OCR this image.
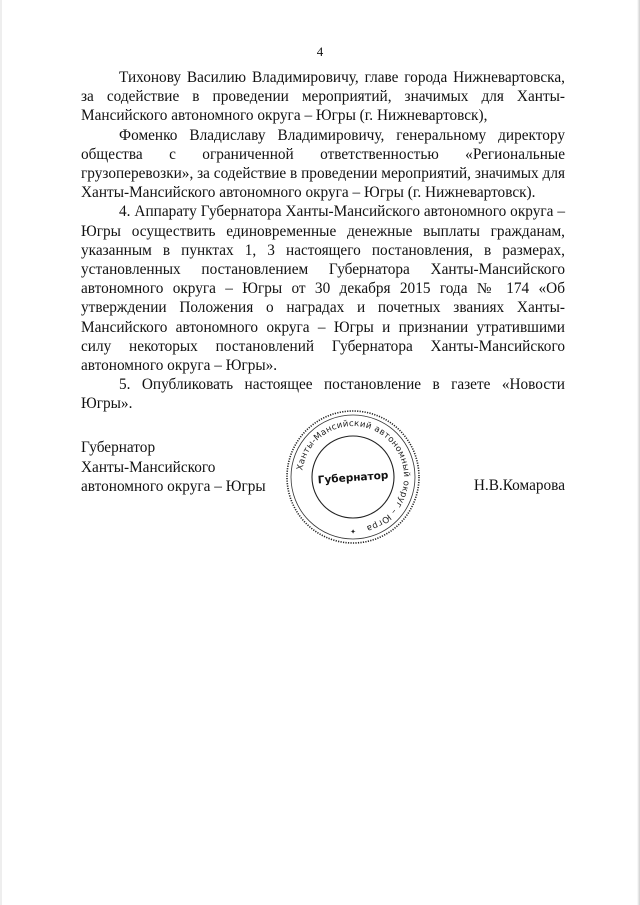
4

Тихонову Василию Владимировичу, главе города Нижневартовска, за содействие в проведении мероприятий, значимых для Ханты-Мансийского автономного округа – Югры (г. Нижневартовск),

Фоменко Владиславу Владимировичу, генеральному директору общества с ограниченной ответственностью «Региональные грузоперевозки», за содействие в проведении мероприятий, значимых для Ханты-Мансийского автономного округа – Югры (г. Нижневартовск).

4. Аппарату Губернатора Ханты-Мансийского автономного округа – Югры осуществить единовременные денежные выплаты гражданам, указанным в пунктах 1, 3 настоящего постановления, в размерах, установленных постановлением Губернатора Ханты-Мансийского автономного округа – Югры от 30 декабря 2015 года № 174 «Об утверждении Положения о наградах и почетных званиях Ханты-Мансийского автономного округа – Югры и признании утратившими силу некоторых постановлений Губернатора Ханты-Мансийского автономного округа – Югры».

5. Опубликовать настоящее постановление в газете «Новости Югры».

Губернатор
Ханты-Мансийского
автономного округа – Югры
Ханты-Мансийский автономный округ – Югра
Губернатор
✦
Н.В.Комарова
